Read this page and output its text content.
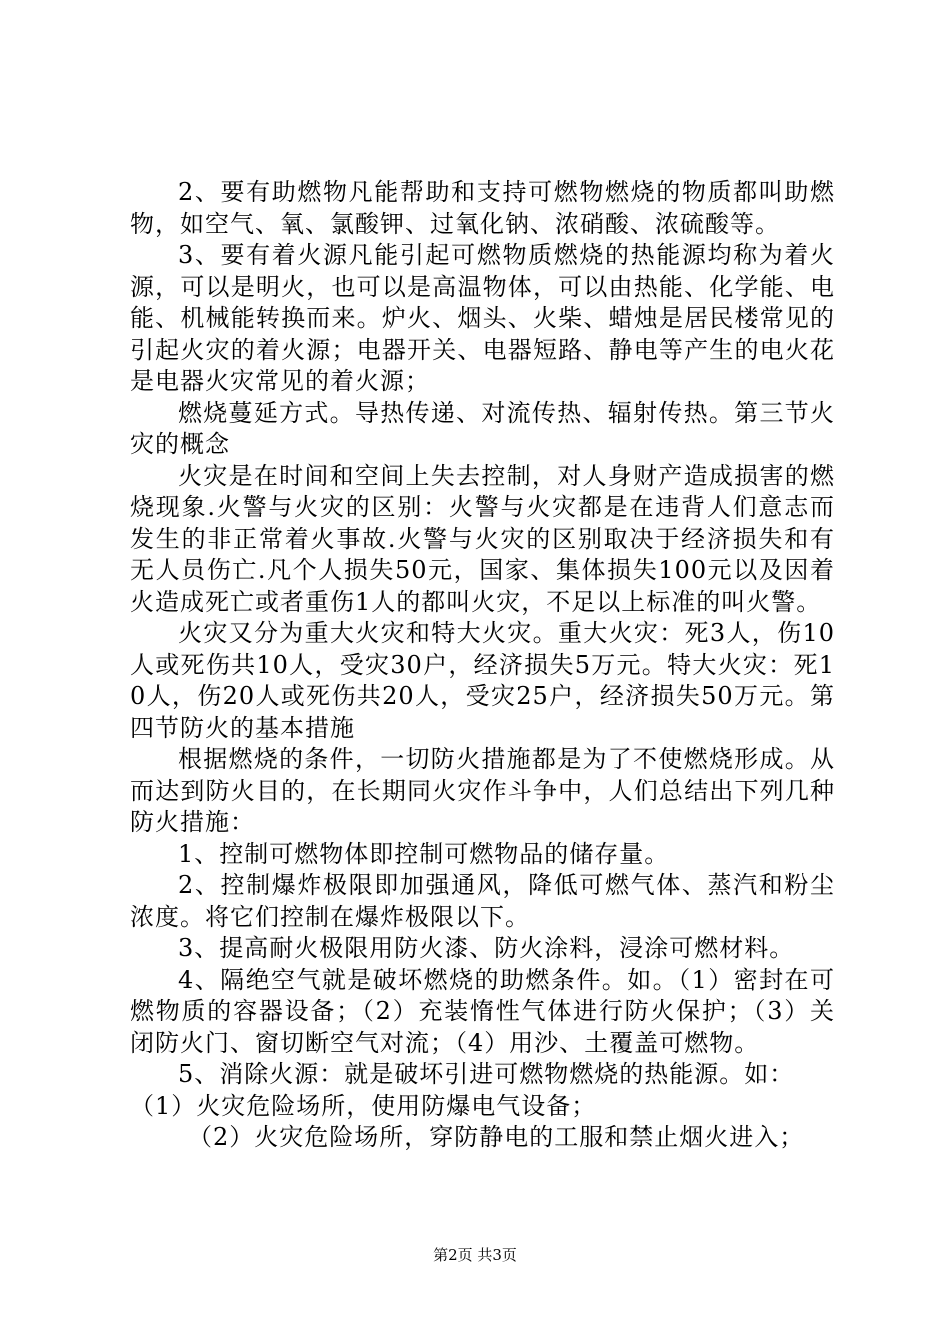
2、要有助燃物凡能帮助和支持可燃物燃烧的物质都叫助燃物，如空气、氧、氯酸钾、过氧化钠、浓硝酸、浓硫酸等。

3、要有着火源凡能引起可燃物质燃烧的热能源均称为着火源，可以是明火，也可以是高温物体，可以由热能、化学能、电能、机械能转换而来。炉火、烟头、火柴、蜡烛是居民楼常见的引起火灾的着火源；电器开关、电器短路、静电等产生的电火花是电器火灾常见的着火源；

燃烧蔓延方式。导热传递、对流传热、辐射传热。第三节火灾的概念

火灾是在时间和空间上失去控制，对人身财产造成损害的燃烧现象.火警与火灾的区别：火警与火灾都是在违背人们意志而发生的非正常着火事故.火警与火灾的区别取决于经济损失和有无人员伤亡.凡个人损失50元，国家、集体损失100元以及因着火造成死亡或者重伤1人的都叫火灾，不足以上标准的叫火警。

火灾又分为重大火灾和特大火灾。重大火灾：死3人，伤10人或死伤共10人，受灾30户，经济损失5万元。特大火灾：死10人，伤20人或死伤共20人，受灾25户，经济损失50万元。第四节防火的基本措施

根据燃烧的条件，一切防火措施都是为了不使燃烧形成。从而达到防火目的，在长期同火灾作斗争中，人们总结出下列几种防火措施：

1、控制可燃物体即控制可燃物品的储存量。

2、控制爆炸极限即加强通风，降低可燃气体、蒸汽和粉尘浓度。将它们控制在爆炸极限以下。

3、提高耐火极限用防火漆、防火涂料，浸涂可燃材料。

4、隔绝空气就是破坏燃烧的助燃条件。如。（1）密封在可燃物质的容器设备；（2）充装惰性气体进行防火保护；（3）关闭防火门、窗切断空气对流；（4）用沙、土覆盖可燃物。

5、消除火源：就是破坏引进可燃物燃烧的热能源。如：

（1）火灾危险场所，使用防爆电气设备；

（2）火灾危险场所，穿防静电的工服和禁止烟火进入；

第2页 共3页
